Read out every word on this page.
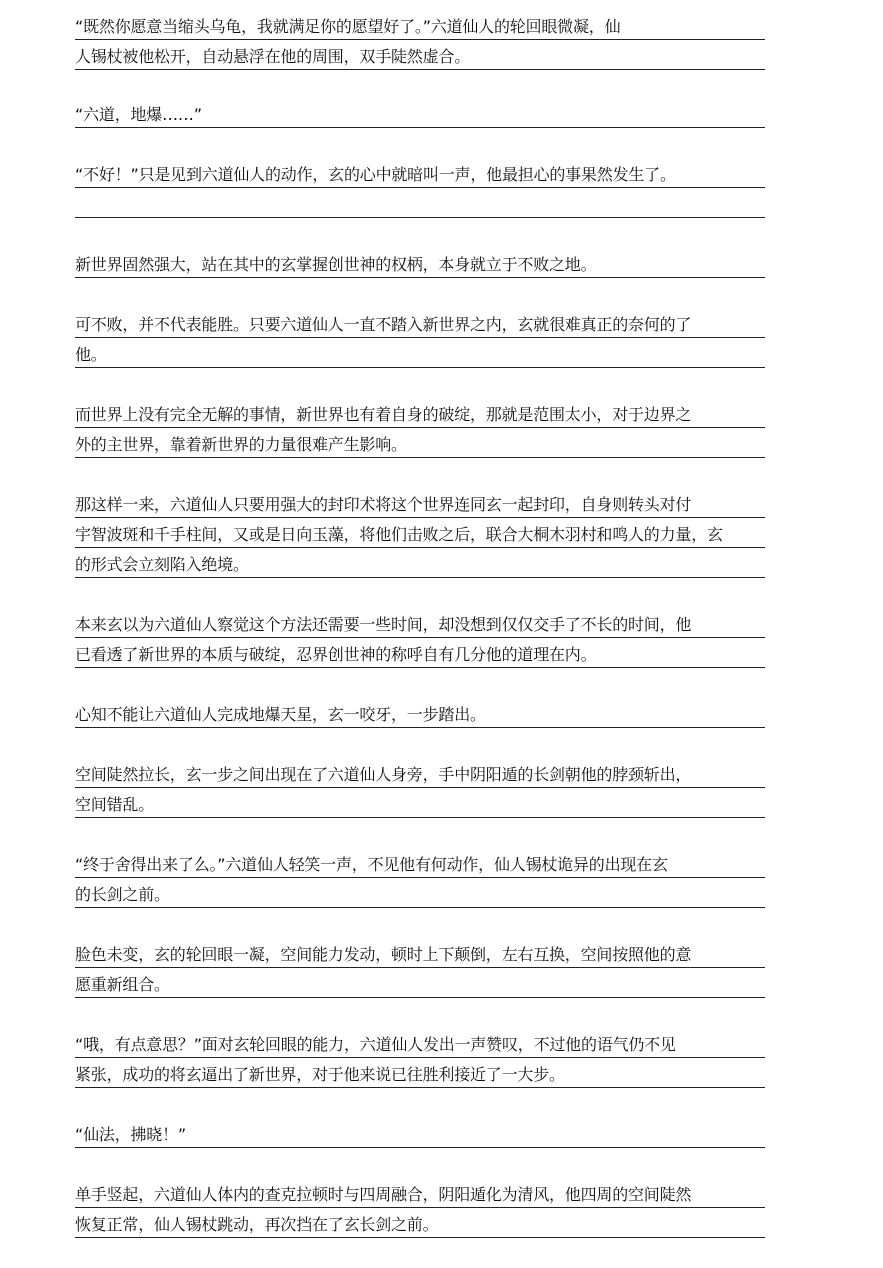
“既然你愿意当缩头乌龟，我就满足你的愿望好了。”六道仙人的轮回眼微凝，仙
人锡杖被他松开，自动悬浮在他的周围，双手陡然虚合。
“六道，地爆……”
“不好！”只是见到六道仙人的动作，玄的心中就暗叫一声，他最担心的事果然发生了。
新世界固然强大，站在其中的玄掌握创世神的权柄，本身就立于不败之地。
可不败，并不代表能胜。只要六道仙人一直不踏入新世界之内，玄就很难真正的奈何的了
他。
而世界上没有完全无解的事情，新世界也有着自身的破绽，那就是范围太小，对于边界之
外的主世界，靠着新世界的力量很难产生影响。
那这样一来，六道仙人只要用强大的封印术将这个世界连同玄一起封印，自身则转头对付
宇智波斑和千手柱间，又或是日向玉藻，将他们击败之后，联合大桐木羽村和鸣人的力量，玄
的形式会立刻陷入绝境。
本来玄以为六道仙人察觉这个方法还需要一些时间，却没想到仅仅交手了不长的时间，他
已看透了新世界的本质与破绽，忍界创世神的称呼自有几分他的道理在内。
心知不能让六道仙人完成地爆天星，玄一咬牙，一步踏出。
空间陡然拉长，玄一步之间出现在了六道仙人身旁，手中阴阳遁的长剑朝他的脖颈斩出，
空间错乱。
“终于舍得出来了么。”六道仙人轻笑一声，不见他有何动作，仙人锡杖诡异的出现在玄
的长剑之前。
脸色未变，玄的轮回眼一凝，空间能力发动，顿时上下颠倒，左右互换，空间按照他的意
愿重新组合。
“哦，有点意思？”面对玄轮回眼的能力，六道仙人发出一声赞叹，不过他的语气仍不见
紧张，成功的将玄逼出了新世界，对于他来说已往胜利接近了一大步。
“仙法，拂晓！”
单手竖起，六道仙人体内的查克拉顿时与四周融合，阴阳遁化为清风，他四周的空间陡然
恢复正常，仙人锡杖跳动，再次挡在了玄长剑之前。
